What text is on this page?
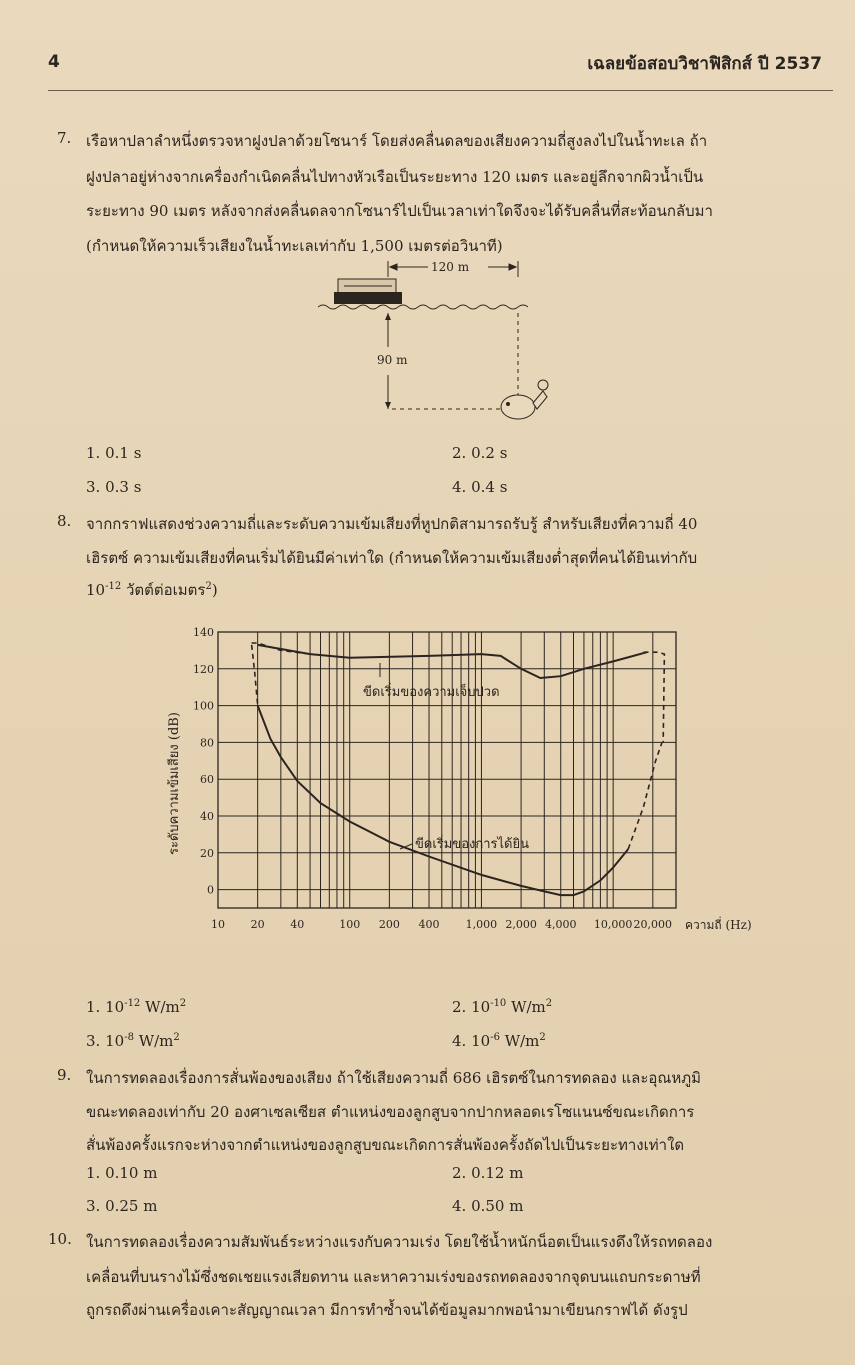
4	เฉลยข้อสอบวิชาฟิสิกส์ ปี 2537
7. เรือหาปลาลำหนึ่งตรวจหาฝูงปลาด้วยโซนาร์ โดยส่งคลื่นดลของเสียงความถี่สูงลงไปในน้ำทะเล ถ้า
ฝูงปลาอยู่ห่างจากเครื่องกำเนิดคลื่นไปทางหัวเรือเป็นระยะทาง 120 เมตร และอยู่ลึกจากผิวน้ำเป็น
ระยะทาง 90 เมตร หลังจากส่งคลื่นดลจากโซนาร์ไปเป็นเวลาเท่าใดจึงจะได้รับคลื่นที่สะท้อนกลับมา
(กำหนดให้ความเร็วเสียงในน้ำทะเลเท่ากับ 1,500 เมตรต่อวินาที)
120 m
90 m
1. 0.1 s	2. 0.2 s
3. 0.3 s	4. 0.4 s
8. จากกราฟแสดงช่วงความถี่และระดับความเข้มเสียงที่หูปกติสามารถรับรู้ สำหรับเสียงที่ความถี่ 40
เฮิรตซ์ ความเข้มเสียงที่คนเริ่มได้ยินมีค่าเท่าใด (กำหนดให้ความเข้มเสียงต่ำสุดที่คนได้ยินเท่ากับ
$10^{-12}$ วัตต์ต่อเมตร$^2$)
0
20
40
60
80
100
120
140
10 20 40	100 200 400 1,000 2,000 4,000 10,000 20,000 ความถี่ (Hz)
ระดับความเข้มเสียง (dB)
ขีดเริ่มของความเจ็บปวด
ขีดเริ่มของการได้ยิน
1. $10^{-12}$ $W/m^2$	2. $10^{-10}$ $W/m^2$
3. $10^{-8}$ $W/m^2$	4. $10^{-6}$ $W/m^2$
9. ในการทดลองเรื่องการสั่นพ้องของเสียง ถ้าใช้เสียงความถี่ 686 เฮิรตซ์ในการทดลอง และอุณหภูมิ
ขณะทดลองเท่ากับ 20 องศาเซลเซียส ตำแหน่งของลูกสูบจากปากหลอดเรโซแนนซ์ขณะเกิดการ
สั่นพ้องครั้งแรกจะห่างจากตำแหน่งของลูกสูบขณะเกิดการสั่นพ้องครั้งถัดไปเป็นระยะทางเท่าใด
1. 0.10 m	2. 0.12 m
3. 0.25 m	4. 0.50 m
10. ในการทดลองเรื่องความสัมพันธ์ระหว่างแรงกับความเร่ง โดยใช้น้ำหนักน็อตเป็นแรงดึงให้รถทดลอง
เคลื่อนที่บนรางไม้ซึ่งชดเชยแรงเสียดทาน และหาความเร่งของรถทดลองจากจุดบนแถบกระดาษที่
ถูกรถดึงผ่านเครื่องเคาะสัญญาณเวลา มีการทำซ้ำจนได้ข้อมูลมากพอนำมาเขียนกราฟได้ ดังรูป
